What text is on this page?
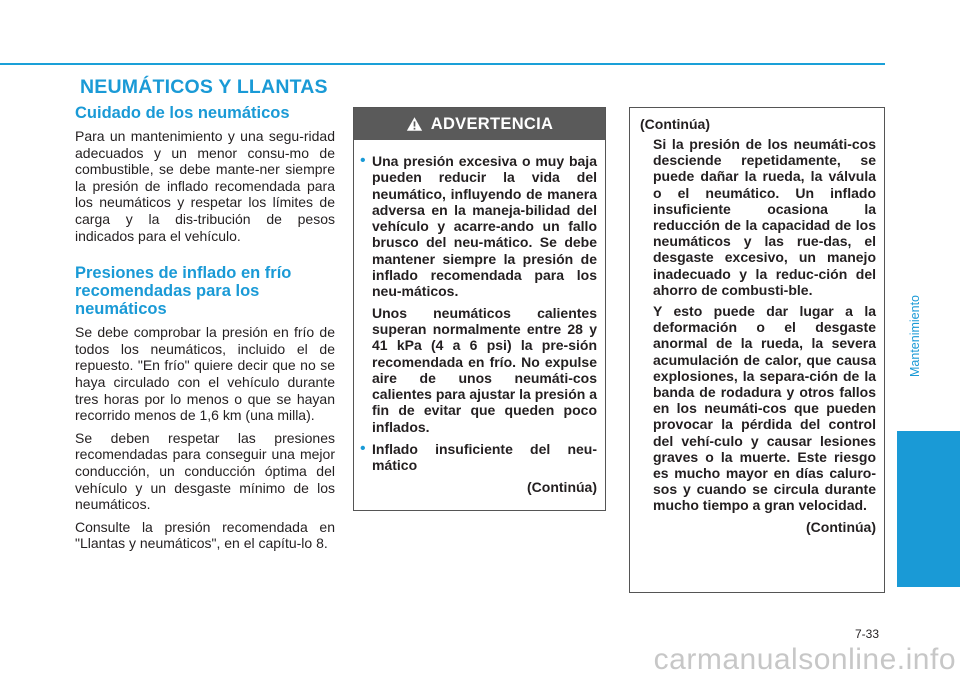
NEUMÁTICOS Y LLANTAS
Cuidado de los neumáticos

Para un mantenimiento y una segu-ridad adecuados y un menor consu-mo de combustible, se debe mante-ner siempre la presión de inflado recomendada para los neumáticos y respetar los límites de carga y la dis-tribución de pesos indicados para el vehículo.

Presiones de inflado en frío recomendadas para los neumáticos

Se debe comprobar la presión en frío de todos los neumáticos, incluido el de repuesto. "En frío" quiere decir que no se haya circulado con el vehículo durante tres horas por lo menos o que se hayan recorrido menos de 1,6 km (una milla).

Se deben respetar las presiones recomendadas para conseguir una mejor conducción, un conducción óptima del vehículo y un desgaste mínimo de los neumáticos.

Consulte la presión recomendada en "Llantas y neumáticos", en el capítu-lo 8.

ADVERTENCIA

• Una presión excesiva o muy baja pueden reducir la vida del neumático, influyendo de manera adversa en la maneja-bilidad del vehículo y acarre-ando un fallo brusco del neu-mático. Se debe mantener siempre la presión de inflado recomendada para los neu-máticos.

Unos neumáticos calientes superan normalmente entre 28 y 41 kPa (4 a 6 psi) la pre-sión recomendada en frío. No expulse aire de unos neumáti-cos calientes para ajustar la presión a fin de evitar que queden poco inflados.

• Inflado insuficiente del neu-mático

(Continúa)

(Continúa)

Si la presión de los neumáti-cos desciende repetidamente, se puede dañar la rueda, la válvula o el neumático. Un inflado insuficiente ocasiona la reducción de la capacidad de los neumáticos y las rue-das, el desgaste excesivo, un manejo inadecuado y la reduc-ción del ahorro de combusti-ble.

Y esto puede dar lugar a la deformación o el desgaste anormal de la rueda, la severa acumulación de calor, que causa explosiones, la separa-ción de la banda de rodadura y otros fallos en los neumáti-cos que pueden provocar la pérdida del control del vehí-culo y causar lesiones graves o la muerte. Este riesgo es mucho mayor en días caluro-sos y cuando se circula durante mucho tiempo a gran velocidad.

(Continúa)
Mantenimiento
7-33
carmanualsonline.info
